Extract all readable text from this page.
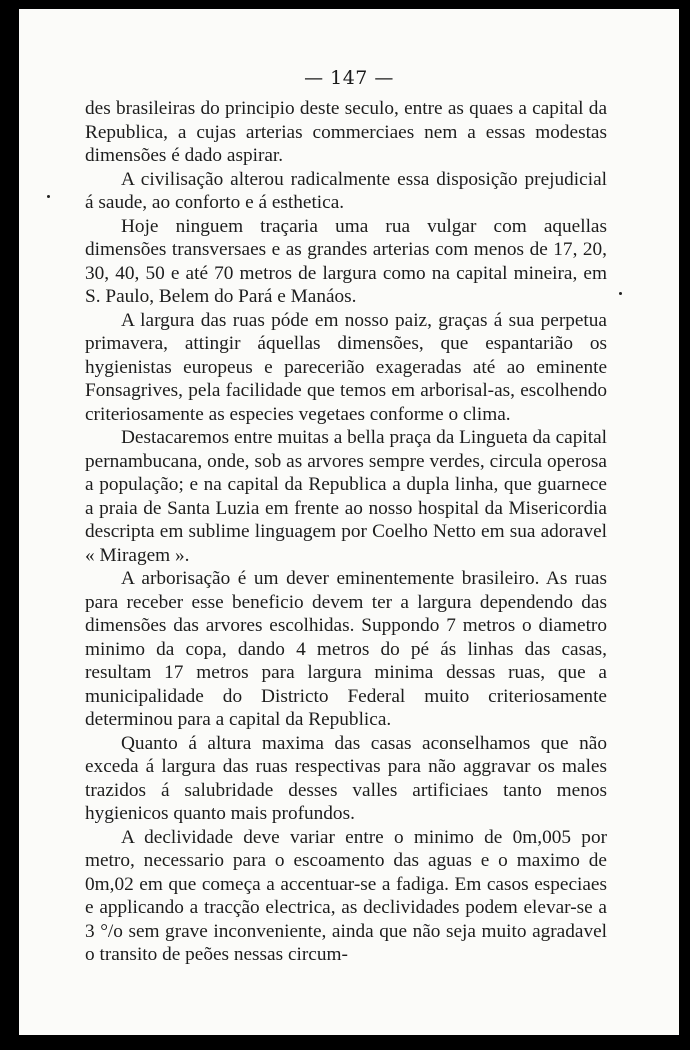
— 147 —

des brasileiras do principio deste seculo, entre as quaes a capital da Republica, a cujas arterias commerciaes nem a essas modestas dimensões é dado aspirar.

A civilisação alterou radicalmente essa disposição prejudicial á saude, ao conforto e á esthetica.

Hoje ninguem traçaria uma rua vulgar com aquellas dimensões transversaes e as grandes arterias com menos de 17, 20, 30, 40, 50 e até 70 metros de largura como na capital mineira, em S. Paulo, Belem do Pará e Manáos.

A largura das ruas póde em nosso paiz, graças á sua perpetua primavera, attingir áquellas dimensões, que espantarião os hygienistas europeus e parecerião exageradas até ao eminente Fonsagrives, pela facilidade que temos em arborisal-as, escolhendo criteriosamente as especies vegetaes conforme o clima.

Destacaremos entre muitas a bella praça da Lingueta da capital pernambucana, onde, sob as arvores sempre verdes, circula operosa a população; e na capital da Republica a dupla linha, que guarnece a praia de Santa Luzia em frente ao nosso hospital da Misericordia descripta em sublime linguagem por Coelho Netto em sua adoravel « Miragem ».

A arborisação é um dever eminentemente brasileiro. As ruas para receber esse beneficio devem ter a largura dependendo das dimensões das arvores escolhidas. Suppondo 7 metros o diametro minimo da copa, dando 4 metros do pé ás linhas das casas, resultam 17 metros para largura minima dessas ruas, que a municipalidade do Districto Federal muito criteriosamente determinou para a capital da Republica.

Quanto á altura maxima das casas aconselhamos que não exceda á largura das ruas respectivas para não aggravar os males trazidos á salubridade desses valles artificiaes tanto menos hygienicos quanto mais profundos.

A declividade deve variar entre o minimo de 0m,005 por metro, necessario para o escoamento das aguas e o maximo de 0m,02 em que começa a accentuar-se a fadiga. Em casos especiaes e applicando a tracção electrica, as declividades podem elevar-se a 3 °/o sem grave inconveniente, ainda que não seja muito agradavel o transito de peões nessas circum-
